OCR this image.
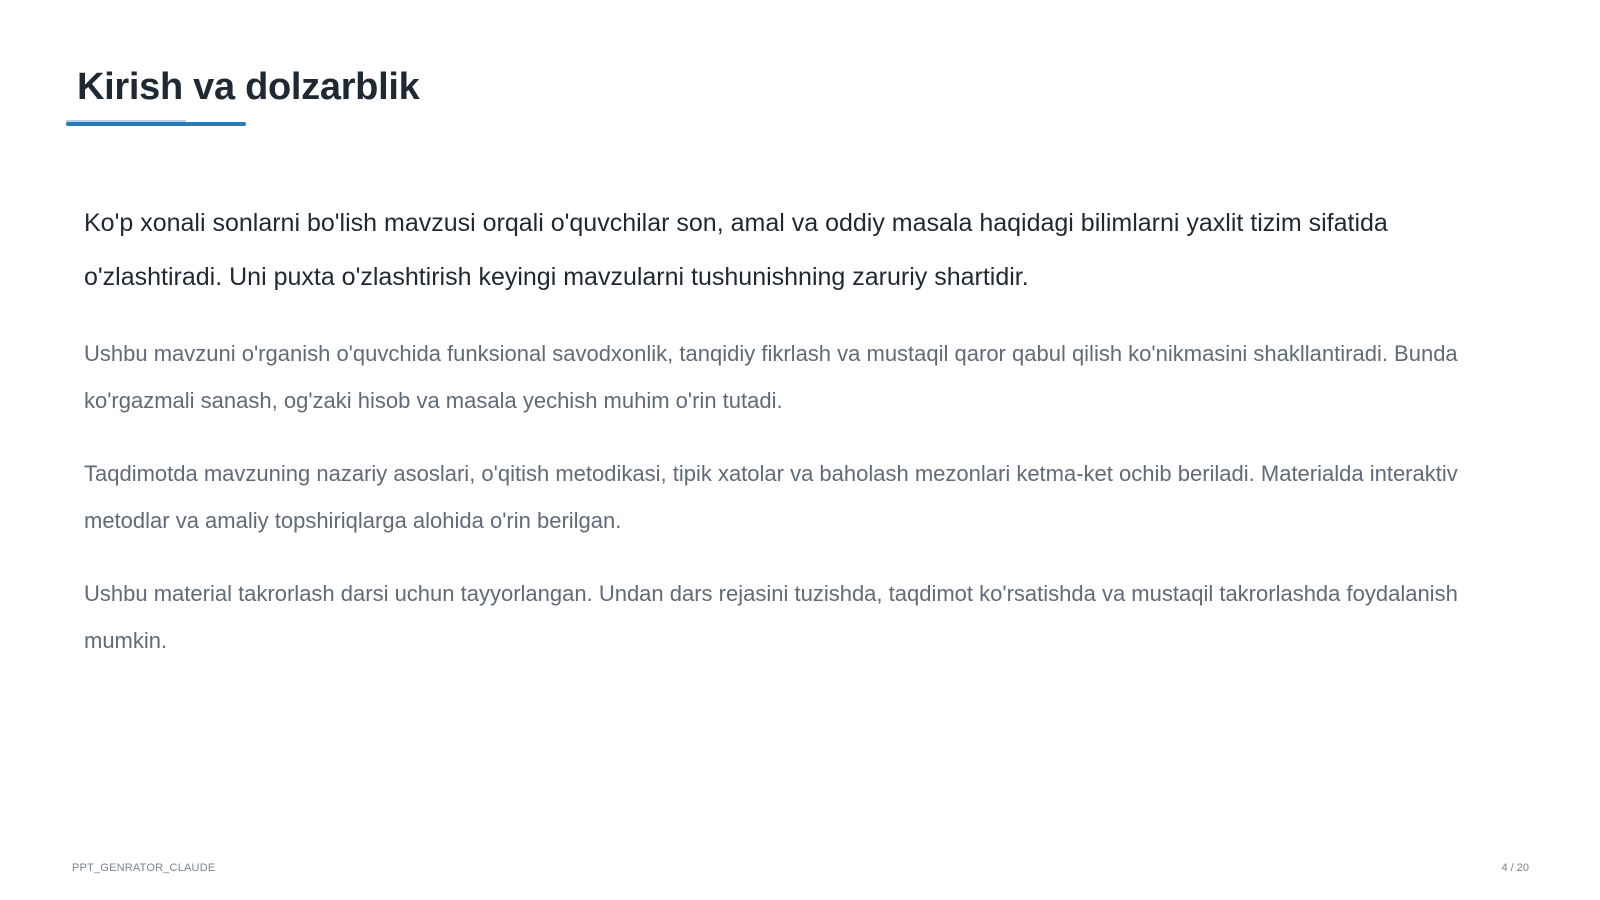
Kirish va dolzarblik

Ko'p xonali sonlarni bo'lish mavzusi orqali o'quvchilar son, amal va oddiy masala haqidagi bilimlarni yaxlit tizim sifatida o'zlashtiradi. Uni puxta o'zlashtirish keyingi mavzularni tushunishning zaruriy shartidir.

Ushbu mavzuni o'rganish o'quvchida funksional savodxonlik, tanqidiy fikrlash va mustaqil qaror qabul qilish ko'nikmasini shakllantiradi. Bunda ko'rgazmali sanash, og'zaki hisob va masala yechish muhim o'rin tutadi.

Taqdimotda mavzuning nazariy asoslari, o'qitish metodikasi, tipik xatolar va baholash mezonlari ketma-ket ochib beriladi. Materialda interaktiv metodlar va amaliy topshiriqlarga alohida o'rin berilgan.

Ushbu material takrorlash darsi uchun tayyorlangan. Undan dars rejasini tuzishda, taqdimot ko'rsatishda va mustaqil takrorlashda foydalanish mumkin.

PPT_GENRATOR_CLAUDE	4 / 20
